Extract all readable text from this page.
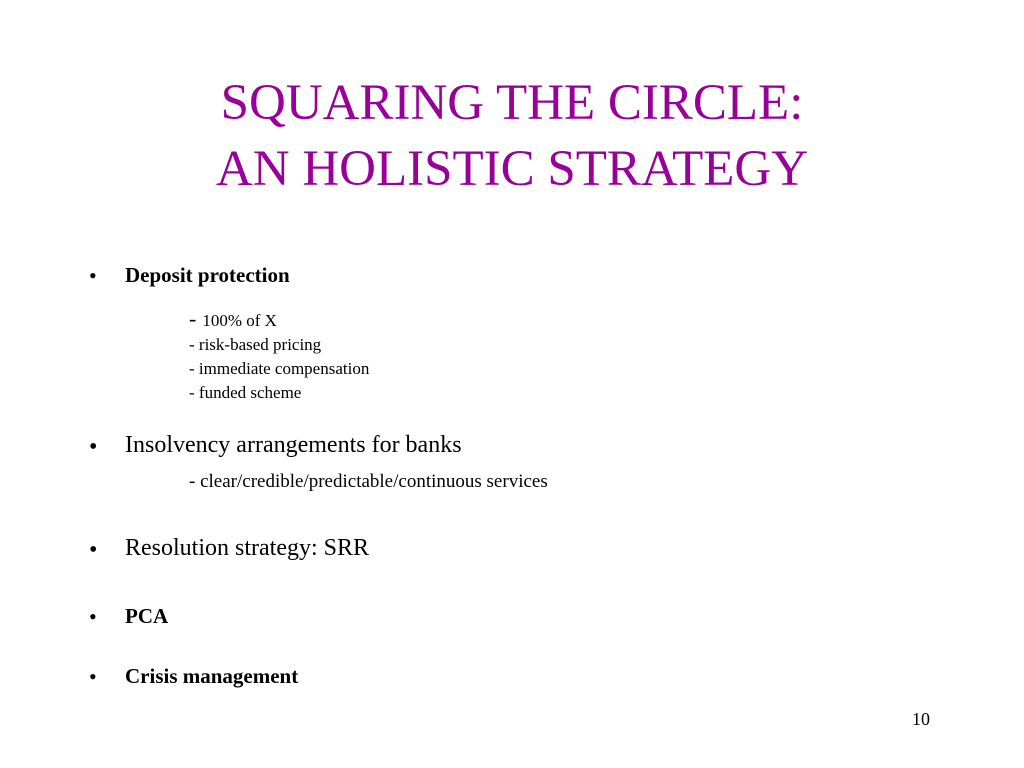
SQUARING THE CIRCLE:
AN HOLISTIC STRATEGY
• Deposit protection
- 100% of X
- risk-based pricing
- immediate compensation
- funded scheme
• Insolvency arrangements for banks
- clear/credible/predictable/continuous services
• Resolution strategy: SRR
• PCA
• Crisis management
10
